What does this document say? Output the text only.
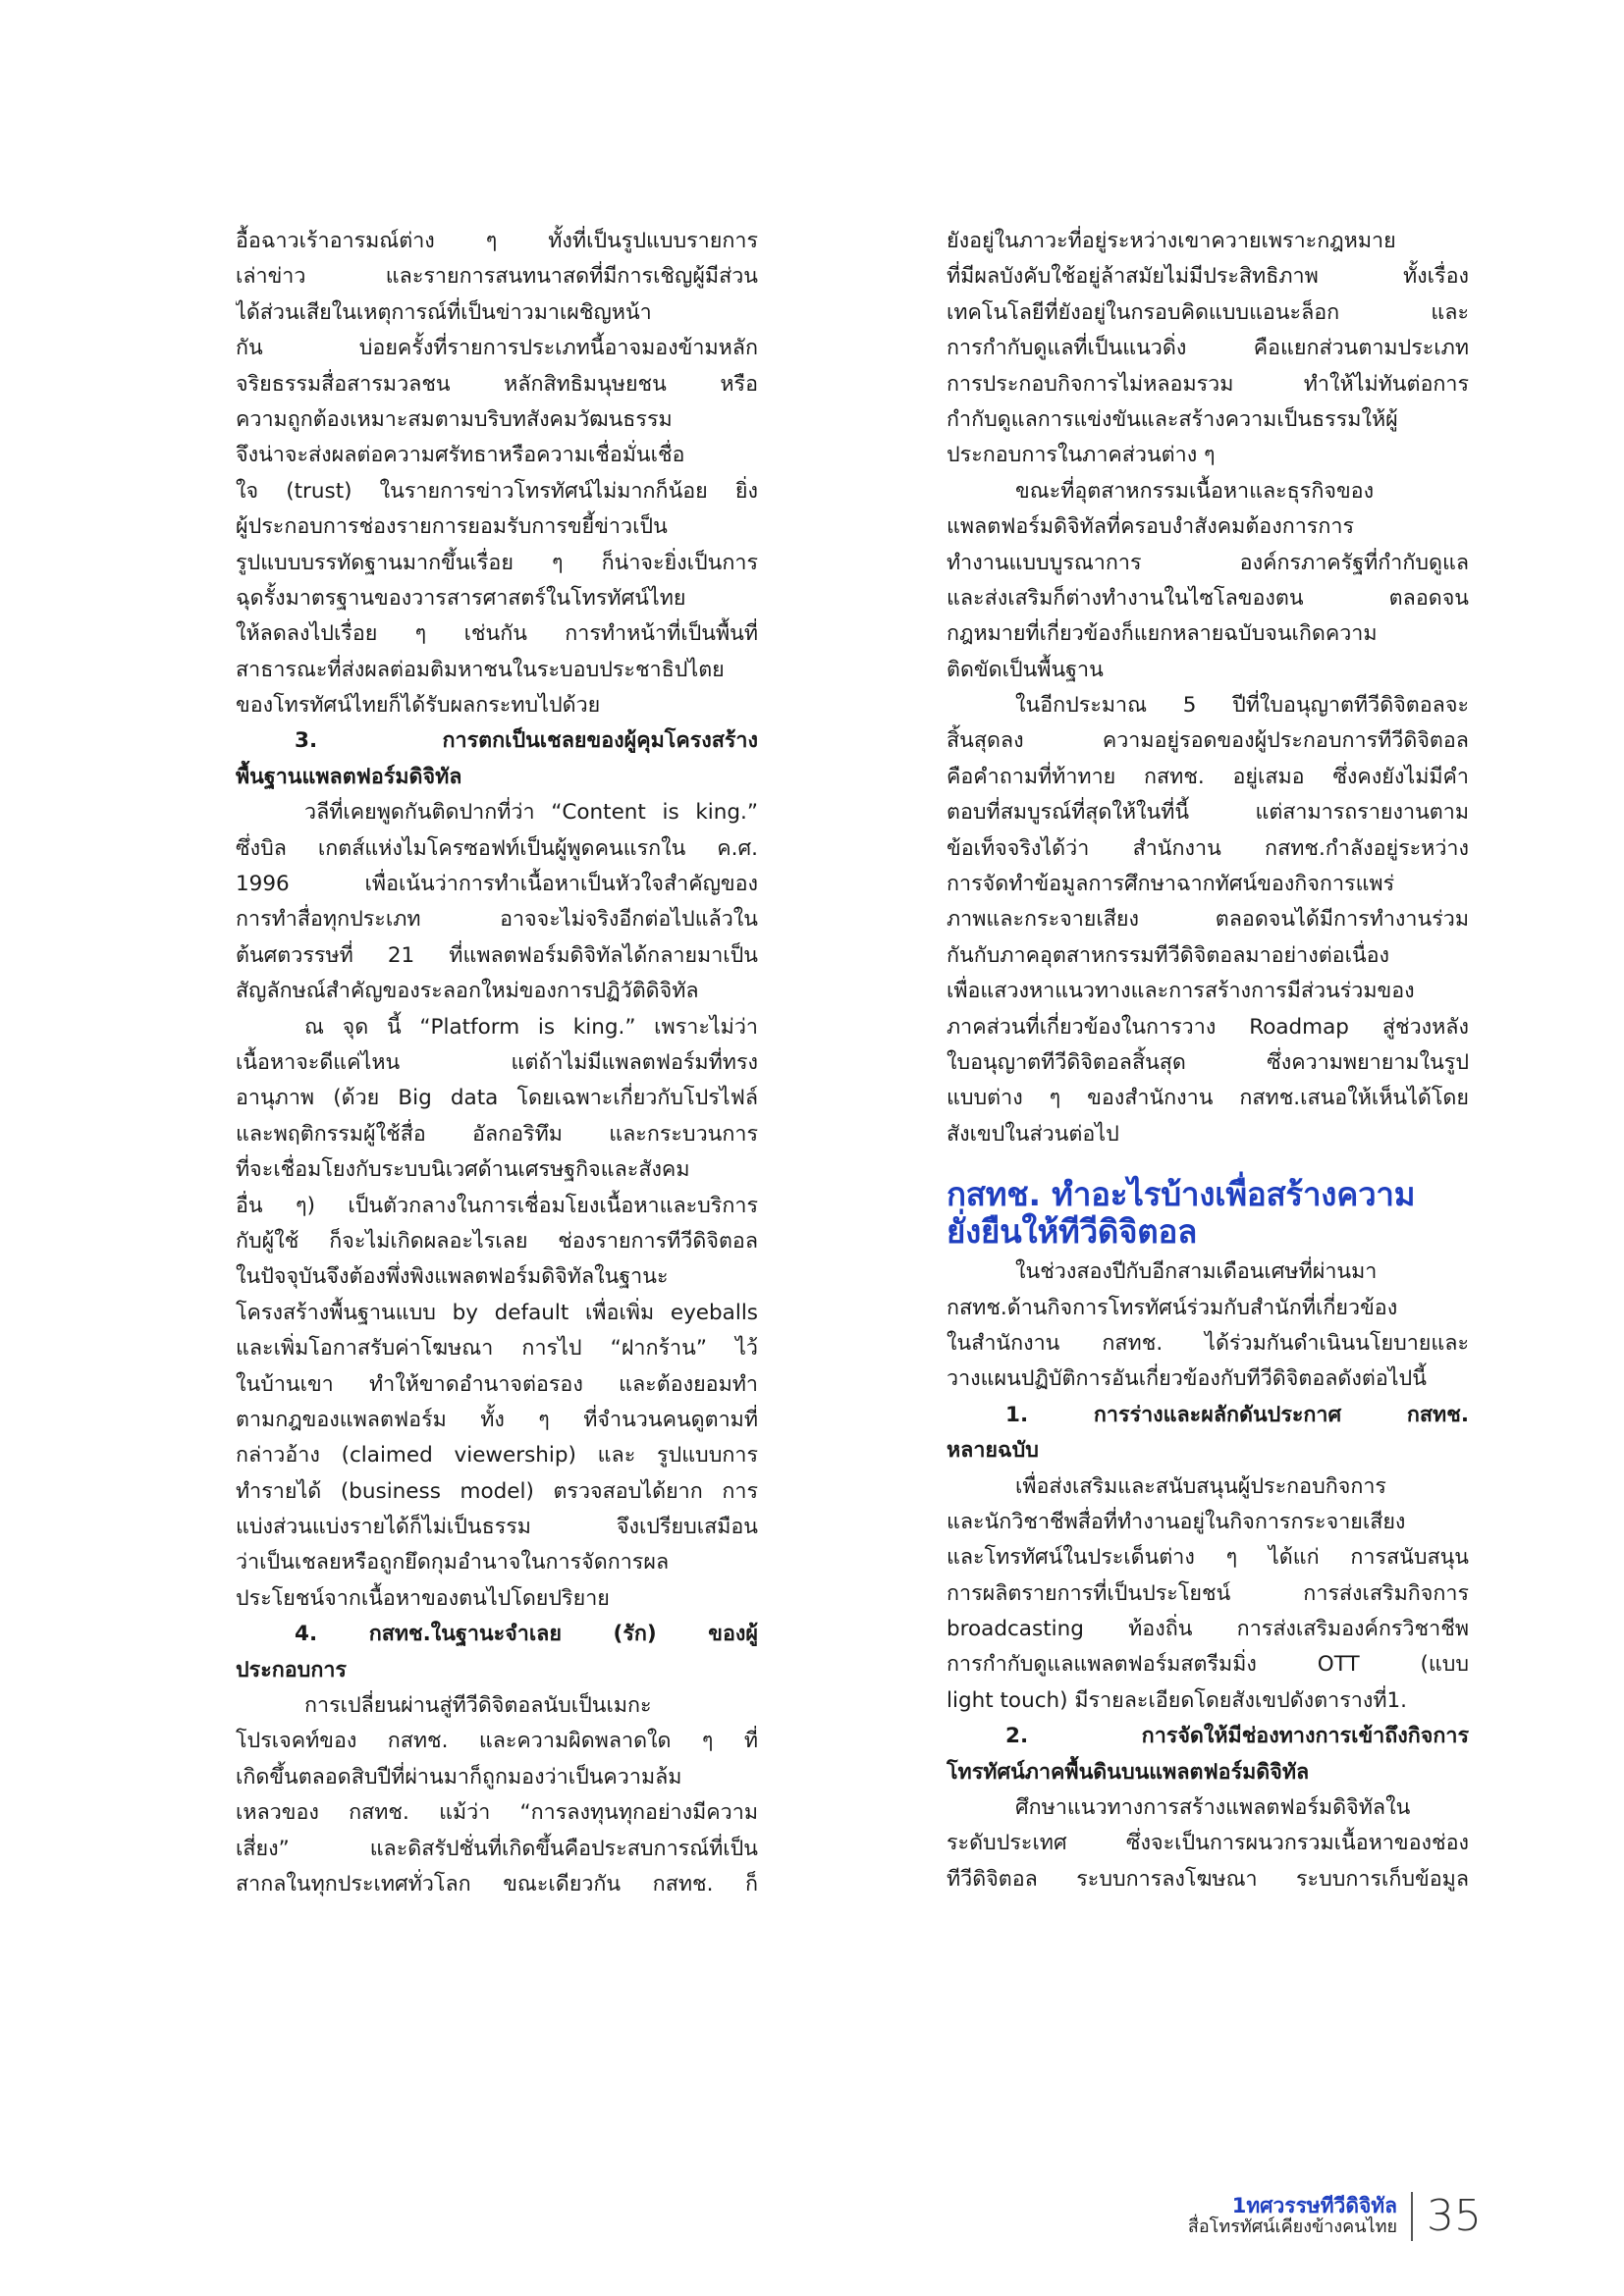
อื้อฉาวเร้าอารมณ์ต่าง ๆ ทั้งที่เป็นรูปแบบรายการ
เล่าข่าว และรายการสนทนาสดที่มีการเชิญผู้มีส่วน
ได้ส่วนเสียในเหตุการณ์ที่เป็นข่าวมาเผชิญหน้า
กัน บ่อยครั้งที่รายการประเภทนี้อาจมองข้ามหลัก
จริยธรรมสื่อสารมวลชน หลักสิทธิมนุษยชน หรือ
ความถูกต้องเหมาะสมตามบริบทสังคมวัฒนธรรม
จึงน่าจะส่งผลต่อความศรัทธาหรือความเชื่อมั่นเชื่อ
ใจ (trust) ในรายการข่าวโทรทัศน์ไม่มากก็น้อย ยิ่ง
ผู้ประกอบการช่องรายการยอมรับการขยี้ข่าวเป็น
รูปแบบบรรทัดฐานมากขึ้นเรื่อย ๆ ก็น่าจะยิ่งเป็นการ
ฉุดรั้งมาตรฐานของวารสารศาสตร์ในโทรทัศน์ไทย
ให้ลดลงไปเรื่อย ๆ เช่นกัน การทำหน้าที่เป็นพื้นที่
สาธารณะที่ส่งผลต่อมติมหาชนในระบอบประชาธิปไตย
ของโทรทัศน์ไทยก็ได้รับผลกระทบไปด้วย
3. การตกเป็นเชลยของผู้คุมโครงสร้าง
พื้นฐานแพลตฟอร์มดิจิทัล
วลีที่เคยพูดกันติดปากที่ว่า “Content is king.”
ซึ่งบิล เกตส์แห่งไมโครซอฟท์เป็นผู้พูดคนแรกใน ค.ศ.
1996 เพื่อเน้นว่าการทำเนื้อหาเป็นหัวใจสำคัญของ
การทำสื่อทุกประเภท อาจจะไม่จริงอีกต่อไปแล้วใน
ต้นศตวรรษที่ 21 ที่แพลตฟอร์มดิจิทัลได้กลายมาเป็น
สัญลักษณ์สำคัญของระลอกใหม่ของการปฏิวัติดิจิทัล
ณ จุด นี้ “Platform is king.” เพราะไม่ว่า
เนื้อหาจะดีแค่ไหน แต่ถ้าไม่มีแพลตฟอร์มที่ทรง
อานุภาพ (ด้วย Big data โดยเฉพาะเกี่ยวกับโปรไฟล์
และพฤติกรรมผู้ใช้สื่อ อัลกอริทึม และกระบวนการ
ที่จะเชื่อมโยงกับระบบนิเวศด้านเศรษฐกิจและสังคม
อื่น ๆ) เป็นตัวกลางในการเชื่อมโยงเนื้อหาและบริการ
กับผู้ใช้ ก็จะไม่เกิดผลอะไรเลย ช่องรายการทีวีดิจิตอล
ในปัจจุบันจึงต้องพึ่งพิงแพลตฟอร์มดิจิทัลในฐานะ
โครงสร้างพื้นฐานแบบ by default เพื่อเพิ่ม eyeballs
และเพิ่มโอกาสรับค่าโฆษณา การไป “ฝากร้าน” ไว้
ในบ้านเขา ทำให้ขาดอำนาจต่อรอง และต้องยอมทำ
ตามกฎของแพลตฟอร์ม ทั้ง ๆ ที่จำนวนคนดูตามที่
กล่าวอ้าง (claimed viewership) และ รูปแบบการ
ทำรายได้ (business model) ตรวจสอบได้ยาก การ
แบ่งส่วนแบ่งรายได้ก็ไม่เป็นธรรม จึงเปรียบเสมือน
ว่าเป็นเชลยหรือถูกยึดกุมอำนาจในการจัดการผล
ประโยชน์จากเนื้อหาของตนไปโดยปริยาย
4. กสทช.ในฐานะจำเลย (รัก) ของผู้
ประกอบการ
การเปลี่ยนผ่านสู่ทีวีดิจิตอลนับเป็นเมกะ
โปรเจคท์ของ กสทช. และความผิดพลาดใด ๆ ที่
เกิดขึ้นตลอดสิบปีที่ผ่านมาก็ถูกมองว่าเป็นความล้ม
เหลวของ กสทช. แม้ว่า “การลงทุนทุกอย่างมีความ
เสี่ยง” และดิสรัปชั่นที่เกิดขึ้นคือประสบการณ์ที่เป็น
สากลในทุกประเทศทั่วโลก ขณะเดียวกัน กสทช. ก็
ยังอยู่ในภาวะที่อยู่ระหว่างเขาควายเพราะกฎหมาย
ที่มีผลบังคับใช้อยู่ล้าสมัยไม่มีประสิทธิภาพ ทั้งเรื่อง
เทคโนโลยีที่ยังอยู่ในกรอบคิดแบบแอนะล็อก และ
การกำกับดูแลที่เป็นแนวดิ่ง คือแยกส่วนตามประเภท
การประกอบกิจการไม่หลอมรวม ทำให้ไม่ทันต่อการ
กำกับดูแลการแข่งขันและสร้างความเป็นธรรมให้ผู้
ประกอบการในภาคส่วนต่าง ๆ
ขณะที่อุตสาหกรรมเนื้อหาและธุรกิจของ
แพลตฟอร์มดิจิทัลที่ครอบงำสังคมต้องการการ
ทำงานแบบบูรณาการ องค์กรภาครัฐที่กำกับดูแล
และส่งเสริมก็ต่างทำงานในไซโลของตน ตลอดจน
กฎหมายที่เกี่ยวข้องก็แยกหลายฉบับจนเกิดความ
ติดขัดเป็นพื้นฐาน
ในอีกประมาณ 5 ปีที่ใบอนุญาตทีวีดิจิตอลจะ
สิ้นสุดลง ความอยู่รอดของผู้ประกอบการทีวีดิจิตอล
คือคำถามที่ท้าทาย กสทช. อยู่เสมอ ซึ่งคงยังไม่มีคำ
ตอบที่สมบูรณ์ที่สุดให้ในที่นี้ แต่สามารถรายงานตาม
ข้อเท็จจริงได้ว่า สำนักงาน กสทช.กำลังอยู่ระหว่าง
การจัดทำข้อมูลการศึกษาฉากทัศน์ของกิจการแพร่
ภาพและกระจายเสียง ตลอดจนได้มีการทำงานร่วม
กันกับภาคอุตสาหกรรมทีวีดิจิตอลมาอย่างต่อเนื่อง
เพื่อแสวงหาแนวทางและการสร้างการมีส่วนร่วมของ
ภาคส่วนที่เกี่ยวข้องในการวาง Roadmap สู่ช่วงหลัง
ใบอนุญาตทีวีดิจิตอลสิ้นสุด ซึ่งความพยายามในรูป
แบบต่าง ๆ ของสำนักงาน กสทช.เสนอให้เห็นได้โดย
สังเขปในส่วนต่อไป
กสทช. ทำอะไรบ้างเพื่อสร้างความ
ยั่งยืนให้ทีวีดิจิตอล
ในช่วงสองปีกับอีกสามเดือนเศษที่ผ่านมา
กสทช.ด้านกิจการโทรทัศน์ร่วมกับสำนักที่เกี่ยวข้อง
ในสำนักงาน กสทช. ได้ร่วมกันดำเนินนโยบายและ
วางแผนปฏิบัติการอันเกี่ยวข้องกับทีวีดิจิตอลดังต่อไปนี้
1. การร่างและผลักดันประกาศ กสทช.
หลายฉบับ
เพื่อส่งเสริมและสนับสนุนผู้ประกอบกิจการ
และนักวิชาชีพสื่อที่ทำงานอยู่ในกิจการกระจายเสียง
และโทรทัศน์ในประเด็นต่าง ๆ ได้แก่ การสนับสนุน
การผลิตรายการที่เป็นประโยชน์ การส่งเสริมกิจการ
broadcasting ท้องถิ่น การส่งเสริมองค์กรวิชาชีพ
การกำกับดูแลแพลตฟอร์มสตรีมมิ่ง OTT (แบบ
light touch) มีรายละเอียดโดยสังเขปดังตารางที่1.
2. การจัดให้มีช่องทางการเข้าถึงกิจการ
โทรทัศน์ภาคพื้นดินบนแพลตฟอร์มดิจิทัล
ศึกษาแนวทางการสร้างแพลตฟอร์มดิจิทัลใน
ระดับประเทศ ซึ่งจะเป็นการผนวกรวมเนื้อหาของช่อง
ทีวีดิจิตอล ระบบการลงโฆษณา ระบบการเก็บข้อมูล
1ทศวรรษทีวีดิจิทัล
สื่อโทรทัศน์เคียงข้างคนไทย 35
